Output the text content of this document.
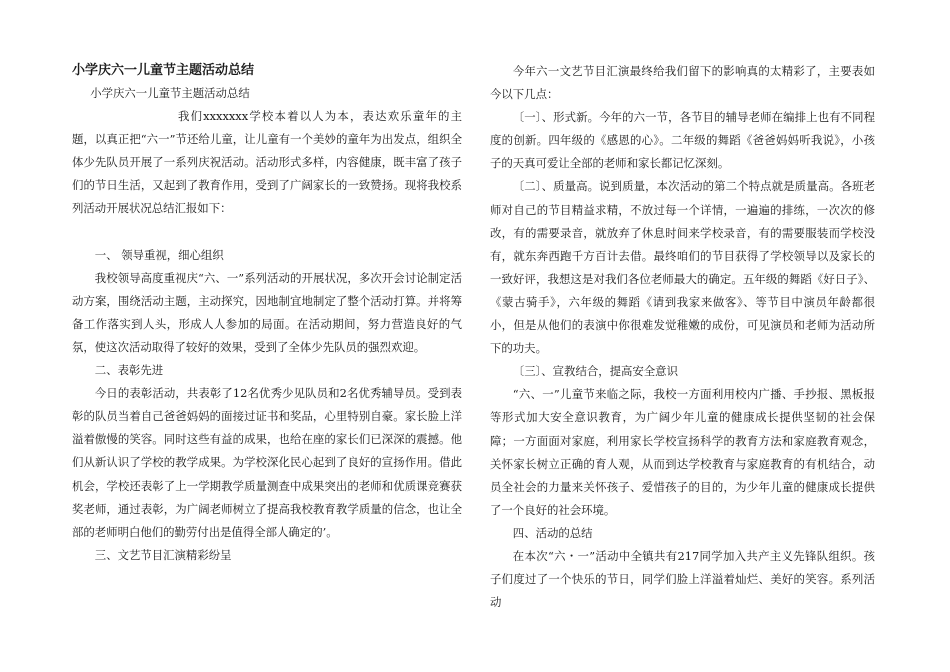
小学庆六一儿童节主题活动总结

小学庆六一儿童节主题活动总结

我们xxxxxxx学校本着以人为本，表达欢乐童年的主题，以真正把“六一”节还给儿童，让儿童有一个美妙的童年为出发点，组织全体少先队员开展了一系列庆祝活动。活动形式多样，内容健康，既丰富了孩子们的节日生活，又起到了教育作用，受到了广阔家长的一致赞扬。现将我校系列活动开展状况总结汇报如下：

一、 领导重视，细心组织

我校领导高度重视庆“六、一”系列活动的开展状况，多次开会讨论制定活动方案，围绕活动主题，主动探究，因地制宜地制定了整个活动打算。并将筹备工作落实到人头，形成人人参加的局面。在活动期间，努力营造良好的气氛，使这次活动取得了较好的效果，受到了全体少先队员的强烈欢迎。

二、表彰先进

今日的表彰活动，共表彰了12名优秀少见队员和2名优秀辅导员。受到表彰的队员当着自己爸爸妈妈的面接过证书和奖品，心里特别自豪。家长脸上洋溢着傲慢的笑容。同时这些有益的成果，也给在座的家长们已深深的震撼。他们从新认识了学校的教学成果。为学校深化民心起到了良好的宣扬作用。借此机会，学校还表彰了上一学期教学质量测查中成果突出的老师和优质课竞赛获奖老师，通过表彰，为广阔老师树立了提高我校教育教学质量的信念，也让全部的老师明白他们的勤劳付出是值得全部人确定的’。

三、文艺节目汇演精彩纷呈

今年六一文艺节目汇演最终给我们留下的影响真的太精彩了，主要表如今以下几点：

〔一〕、形式新。今年的六一节，各节目的辅导老师在编排上也有不同程度的创新。四年级的《感恩的心》。二年级的舞蹈《爸爸妈妈听我说》，小孩子的天真可爱让全部的老师和家长都记忆深刻。

〔二〕、质量高。说到质量，本次活动的第二个特点就是质量高。各班老师对自己的节目精益求精，不放过每一个详情，一遍遍的排练，一次次的修改，有的需要录音，就放弃了休息时间来学校录音，有的需要服装而学校没有，就东奔西跑千方百计去借。最终咱们的节目获得了学校领导以及家长的一致好评，我想这是对我们各位老师最大的确定。五年级的舞蹈《好日子》、《蒙古骑手》，六年级的舞蹈《请到我家来做客》、等节目中演员年龄都很小，但是从他们的表演中你很难发觉稚嫩的成份，可见演员和老师为活动所下的功夫。

〔三〕、宣教结合，提高安全意识

“六、一”儿童节来临之际，我校一方面利用校内广播、手抄报、黑板报等形式加大安全意识教育，为广阔少年儿童的健康成长提供坚韧的社会保障；一方面面对家庭，利用家长学校宣扬科学的教育方法和家庭教育观念，关怀家长树立正确的育人观，从而到达学校教育与家庭教育的有机结合，动员全社会的力量来关怀孩子、爱惜孩子的目的，为少年儿童的健康成长提供了一个良好的社会环境。

四、活动的总结

在本次“六・一”活动中全镇共有217同学加入共产主义先锋队组织。孩子们度过了一个快乐的节日，同学们脸上洋溢着灿烂、美好的笑容。系列活动
